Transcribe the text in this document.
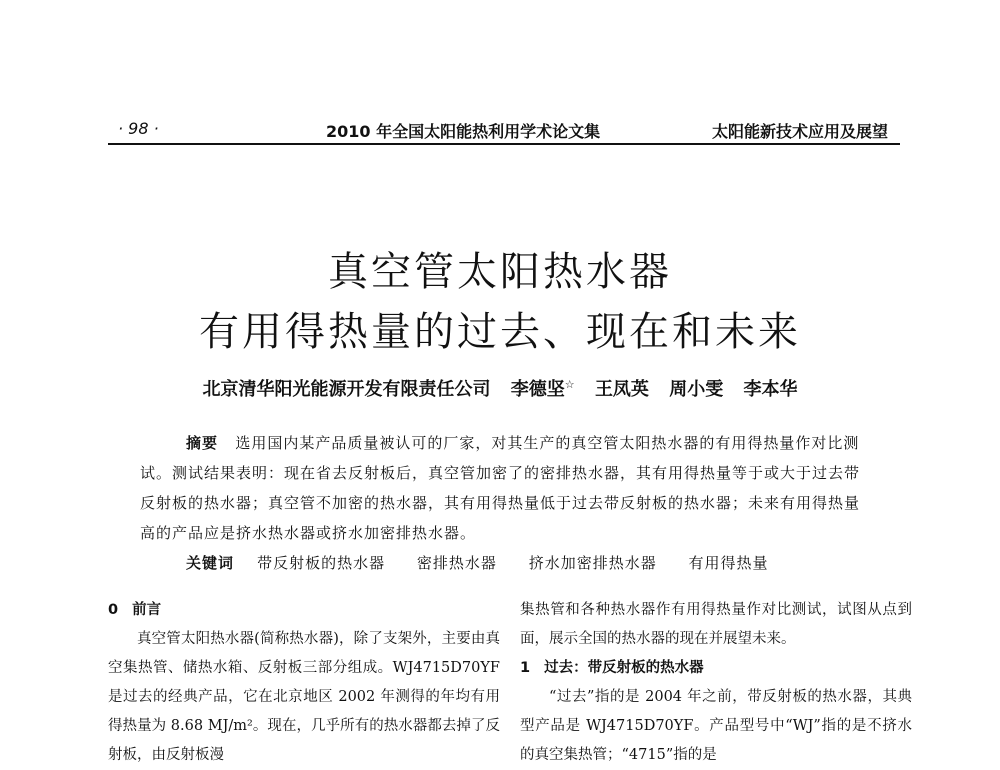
· 98 ·	2010 年全国太阳能热利用学术论文集	太阳能新技术应用及展望
真空管太阳热水器
有用得热量的过去、现在和未来
北京清华阳光能源开发有限责任公司 李德坚☆ 王凤英 周小雯 李本华

摘要 选用国内某产品质量被认可的厂家，对其生产的真空管太阳热水器的有用得热量作对比测试。测试结果表明：现在省去反射板后，真空管加密了的密排热水器，其有用得热量等于或大于过去带反射板的热水器；真空管不加密的热水器，其有用得热量低于过去带反射板的热水器；未来有用得热量高的产品应是挤水热水器或挤水加密排热水器。

关键词 带反射板的热水器 密排热水器 挤水加密排热水器 有用得热量

0 前言

真空管太阳热水器(简称热水器)，除了支架外，主要由真空集热管、储热水箱、反射板三部分组成。WJ4715D70YF 是过去的经典产品，它在北京地区 2002 年测得的年均有用得热量为 8.68 MJ/m²。现在，几乎所有的热水器都去掉了反射板，由反射板漫

集热管和各种热水器作有用得热量作对比测试，试图从点到面，展示全国的热水器的现在并展望未来。

1 过去：带反射板的热水器

“过去”指的是 2004 年之前，带反射板的热水器，其典型产品是 WJ4715D70YF。产品型号中“WJ”指的是不挤水的真空集热管；“4715”指的是
